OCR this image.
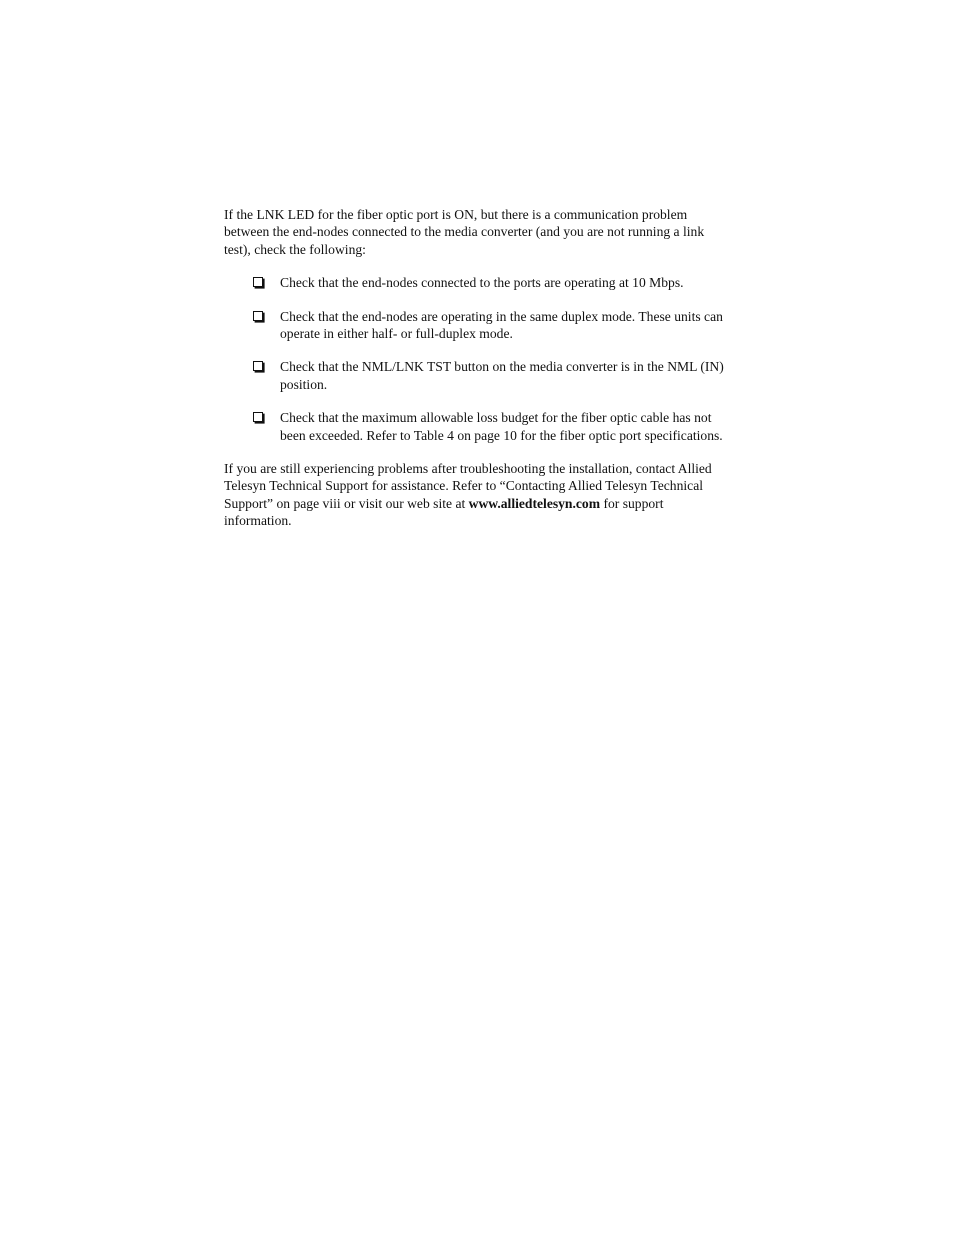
If the LNK LED for the fiber optic port is ON, but there is a communication problem between the end-nodes connected to the media converter (and you are not running a link test), check the following:

Check that the end-nodes connected to the ports are operating at 10 Mbps.
Check that the end-nodes are operating in the same duplex mode. These units can operate in either half- or full-duplex mode.
Check that the NML/LNK TST button on the media converter is in the NML (IN) position.
Check that the maximum allowable loss budget for the fiber optic cable has not been exceeded. Refer to Table 4 on page 10 for the fiber optic port specifications.

If you are still experiencing problems after troubleshooting the installation, contact Allied Telesyn Technical Support for assistance. Refer to “Contacting Allied Telesyn Technical Support” on page viii or visit our web site at www.alliedtelesyn.com for support information.
